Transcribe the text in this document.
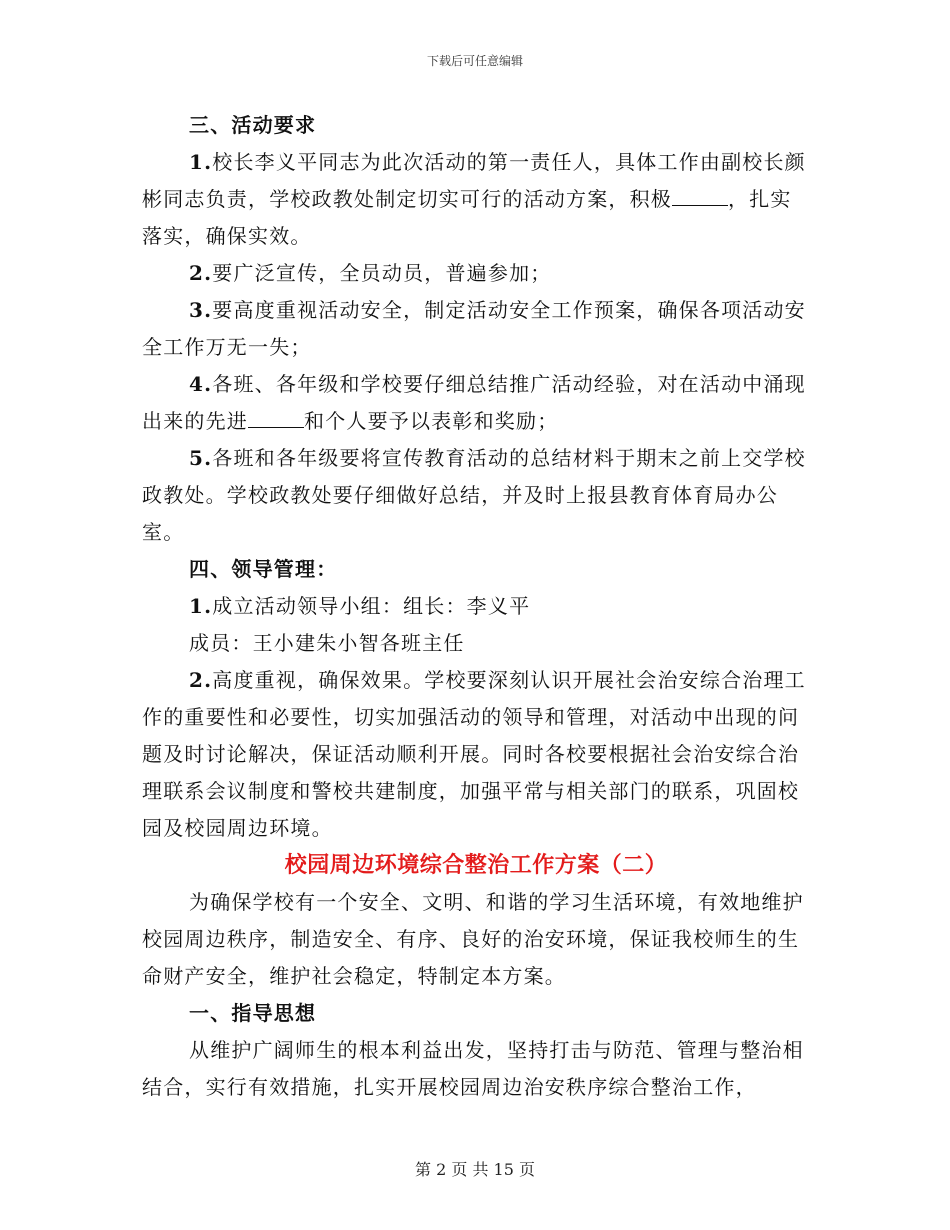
下载后可任意编辑

三、活动要求

1.校长李义平同志为此次活动的第一责任人，具体工作由副校长颜彬同志负责，学校政教处制定切实可行的活动方案，积极	，扎实落实，确保实效。

2.要广泛宣传，全员动员，普遍参加；

3.要高度重视活动安全，制定活动安全工作预案，确保各项活动安全工作万无一失；

4.各班、各年级和学校要仔细总结推广活动经验，对在活动中涌现出来的先进	和个人要予以表彰和奖励；

5.各班和各年级要将宣传教育活动的总结材料于期末之前上交学校政教处。学校政教处要仔细做好总结，并及时上报县教育体育局办公室。

四、领导管理：

1.成立活动领导小组：组长：李义平

成员：王小建朱小智各班主任

2.高度重视，确保效果。学校要深刻认识开展社会治安综合治理工作的重要性和必要性，切实加强活动的领导和管理，对活动中出现的问题及时讨论解决，保证活动顺利开展。同时各校要根据社会治安综合治理联系会议制度和警校共建制度，加强平常与相关部门的联系，巩固校园及校园周边环境。

校园周边环境综合整治工作方案（二）

为确保学校有一个安全、文明、和谐的学习生活环境，有效地维护校园周边秩序，制造安全、有序、良好的治安环境，保证我校师生的生命财产安全，维护社会稳定，特制定本方案。

一、指导思想

从维护广阔师生的根本利益出发，坚持打击与防范、管理与整治相结合，实行有效措施，扎实开展校园周边治安秩序综合整治工作，

第 2 页 共 15 页
